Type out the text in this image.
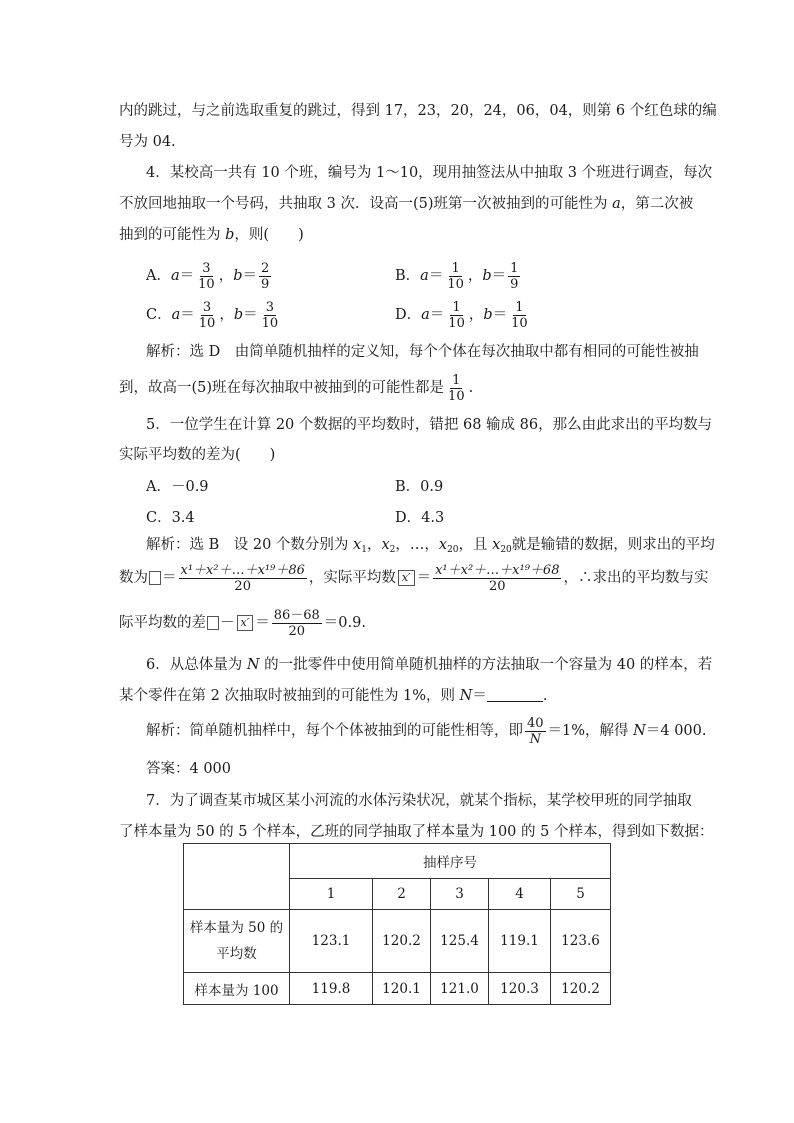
内的跳过，与之前选取重复的跳过，得到 17，23，20，24，06，04，则第 6 个红色球的编
号为 04.
4．某校高一共有 10 个班，编号为 1～10，现用抽签法从中抽取 3 个班进行调查，每次
不放回地抽取一个号码，共抽取 3 次．设高一(5)班第一次被抽到的可能性为 a，第二次被
抽到的可能性为 b，则(　　)
A．$a= \frac{3}{10}$ ，$b= \frac{2}{9}$	B．$a= \frac{1}{10}$ ，$b= \frac{1}{9}$
C．$a= \frac{3}{10}$ ，$b= \frac{3}{10}$	D．$a= \frac{1}{10}$ ，$b= \frac{1}{10}$
解析：选 D　由简单随机抽样的定义知，每个个体在每次抽取中都有相同的可能性被抽
到，故高一(5)班在每次抽取中被抽到的可能性都是 $\frac{1}{10}$ .
5．一位学生在计算 20 个数据的平均数时，错把 68 输成 86，那么由此求出的平均数与
实际平均数的差为(　　)
A．－0.9	B．0.9
C．3.4	D．4.3
解析：选 B　设 20 个数分别为 $x_1$，$x_2$，…，$x_{20}$，且 $x_{20}$就是输错的数据，则求出的平均
数为 ＝ $\frac{\text{x¹＋x²＋…＋x¹⁹＋86}}{20}$ ，实际平均数 $x' = \frac{\text{x¹＋x²＋…＋x¹⁹＋68}}{20}$ ，∴求出的平均数与实
际平均数的差 － $x' = \frac{86-68}{20} =0.9$.
6．从总体量为 N 的一批零件中使用简单随机抽样的方法抽取一个容量为 40 的样本，若
某个零件在第 2 次抽取时被抽到的可能性为 1%，则 N＝	.
解析：简单随机抽样中，每个个体被抽到的可能性相等，即 $\frac{40}{N} =1\%$，解得 N＝4 000.
答案：4 000
7．为了调查某市城区某小河流的水体污染状况，就某个指标，某学校甲班的同学抽取
了样本量为 50 的 5 个样本，乙班的同学抽取了样本量为 100 的 5 个样本，得到如下数据：
	抽样序号				
	1	2	3	4	5

样本量为 50 的
平均数	123.1	120.2	125.4	119.1	123.6
样本量为 100	119.8	120.1	121.0	120.3	120.2
